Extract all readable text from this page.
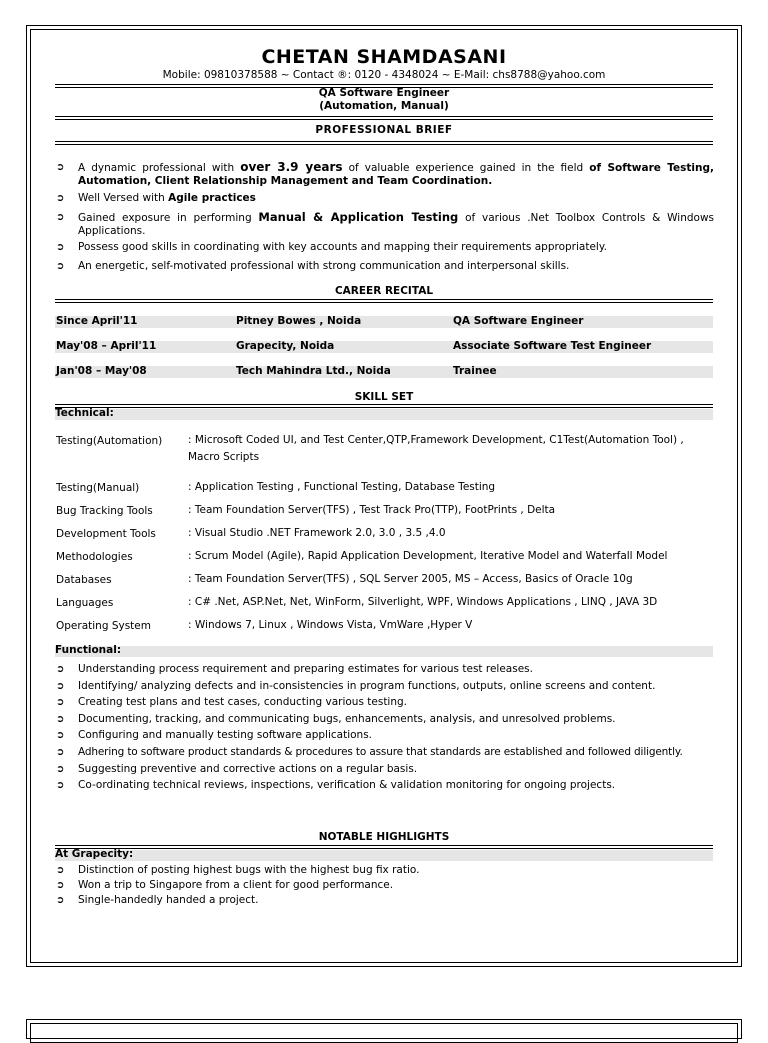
CHETAN SHAMDASANI
Mobile: 09810378588 ~ Contact ®: 0120 - 4348024 ~ E-Mail: chs8788@yahoo.com
QA Software Engineer
(Automation, Manual)
PROFESSIONAL BRIEF
➲ A dynamic professional with over 3.9 years of valuable experience gained in the field of Software Testing, Automation, Client Relationship Management and Team Coordination.
➲ Well Versed with Agile practices
➲ Gained exposure in performing Manual & Application Testing of various .Net Toolbox Controls & Windows Applications.
➲ Possess good skills in coordinating with key accounts and mapping their requirements appropriately.
➲ An energetic, self-motivated professional with strong communication and interpersonal skills.
CAREER RECITAL
Since April'11	Pitney Bowes , Noida	QA Software Engineer
May'08 – April'11	Grapecity, Noida	Associate Software Test Engineer
Jan'08 – May'08	Tech Mahindra Ltd., Noida	Trainee
SKILL SET
Technical:
Testing(Automation) : Microsoft Coded UI, and Test Center,QTP,Framework Development, C1Test(Automation Tool) , Macro Scripts
Testing(Manual)	: Application Testing , Functional Testing, Database Testing
Bug Tracking Tools	: Team Foundation Server(TFS) , Test Track Pro(TTP), FootPrints , Delta
Development Tools	: Visual Studio .NET Framework 2.0, 3.0 , 3.5 ,4.0
Methodologies	: Scrum Model (Agile), Rapid Application Development, Iterative Model and Waterfall Model
Databases	: Team Foundation Server(TFS) , SQL Server 2005, MS – Access, Basics of Oracle 10g
Languages	: C# .Net, ASP.Net, Net, WinForm, Silverlight, WPF, Windows Applications , LINQ , JAVA 3D
Operating System	: Windows 7, Linux , Windows Vista, VmWare ,Hyper V
Functional:
➲ Understanding process requirement and preparing estimates for various test releases.
➲ Identifying/ analyzing defects and in-consistencies in program functions, outputs, online screens and content.
➲ Creating test plans and test cases, conducting various testing.
➲ Documenting, tracking, and communicating bugs, enhancements, analysis, and unresolved problems.
➲ Configuring and manually testing software applications.
➲ Adhering to software product standards & procedures to assure that standards are established and followed diligently.
➲ Suggesting preventive and corrective actions on a regular basis.
➲ Co-ordinating technical reviews, inspections, verification & validation monitoring for ongoing projects.
NOTABLE HIGHLIGHTS
At Grapecity:
➲ Distinction of posting highest bugs with the highest bug fix ratio.
➲ Won a trip to Singapore from a client for good performance.
➲ Single-handedly handed a project.
